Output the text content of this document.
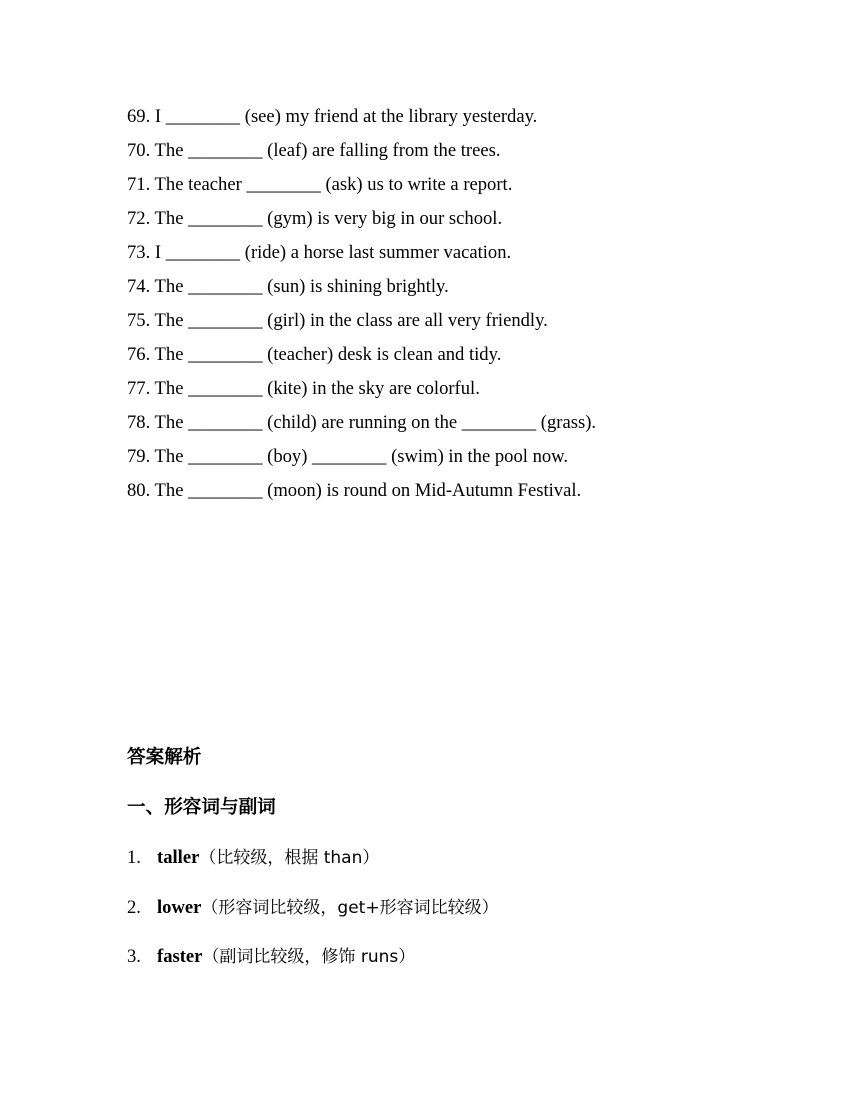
69. I ________ (see) my friend at the library yesterday.
70. The ________ (leaf) are falling from the trees.
71. The teacher ________ (ask) us to write a report.
72. The ________ (gym) is very big in our school.
73. I ________ (ride) a horse last summer vacation.
74. The ________ (sun) is shining brightly.
75. The ________ (girl) in the class are all very friendly.
76. The ________ (teacher) desk is clean and tidy.
77. The ________ (kite) in the sky are colorful.
78. The ________ (child) are running on the ________ (grass).
79. The ________ (boy) ________ (swim) in the pool now.
80. The ________ (moon) is round on Mid-Autumn Festival.
答案解析
一、形容词与副词
1. taller（比较级，根据 than）
2. lower（形容词比较级，get+形容词比较级）
3. faster（副词比较级，修饰 runs）
